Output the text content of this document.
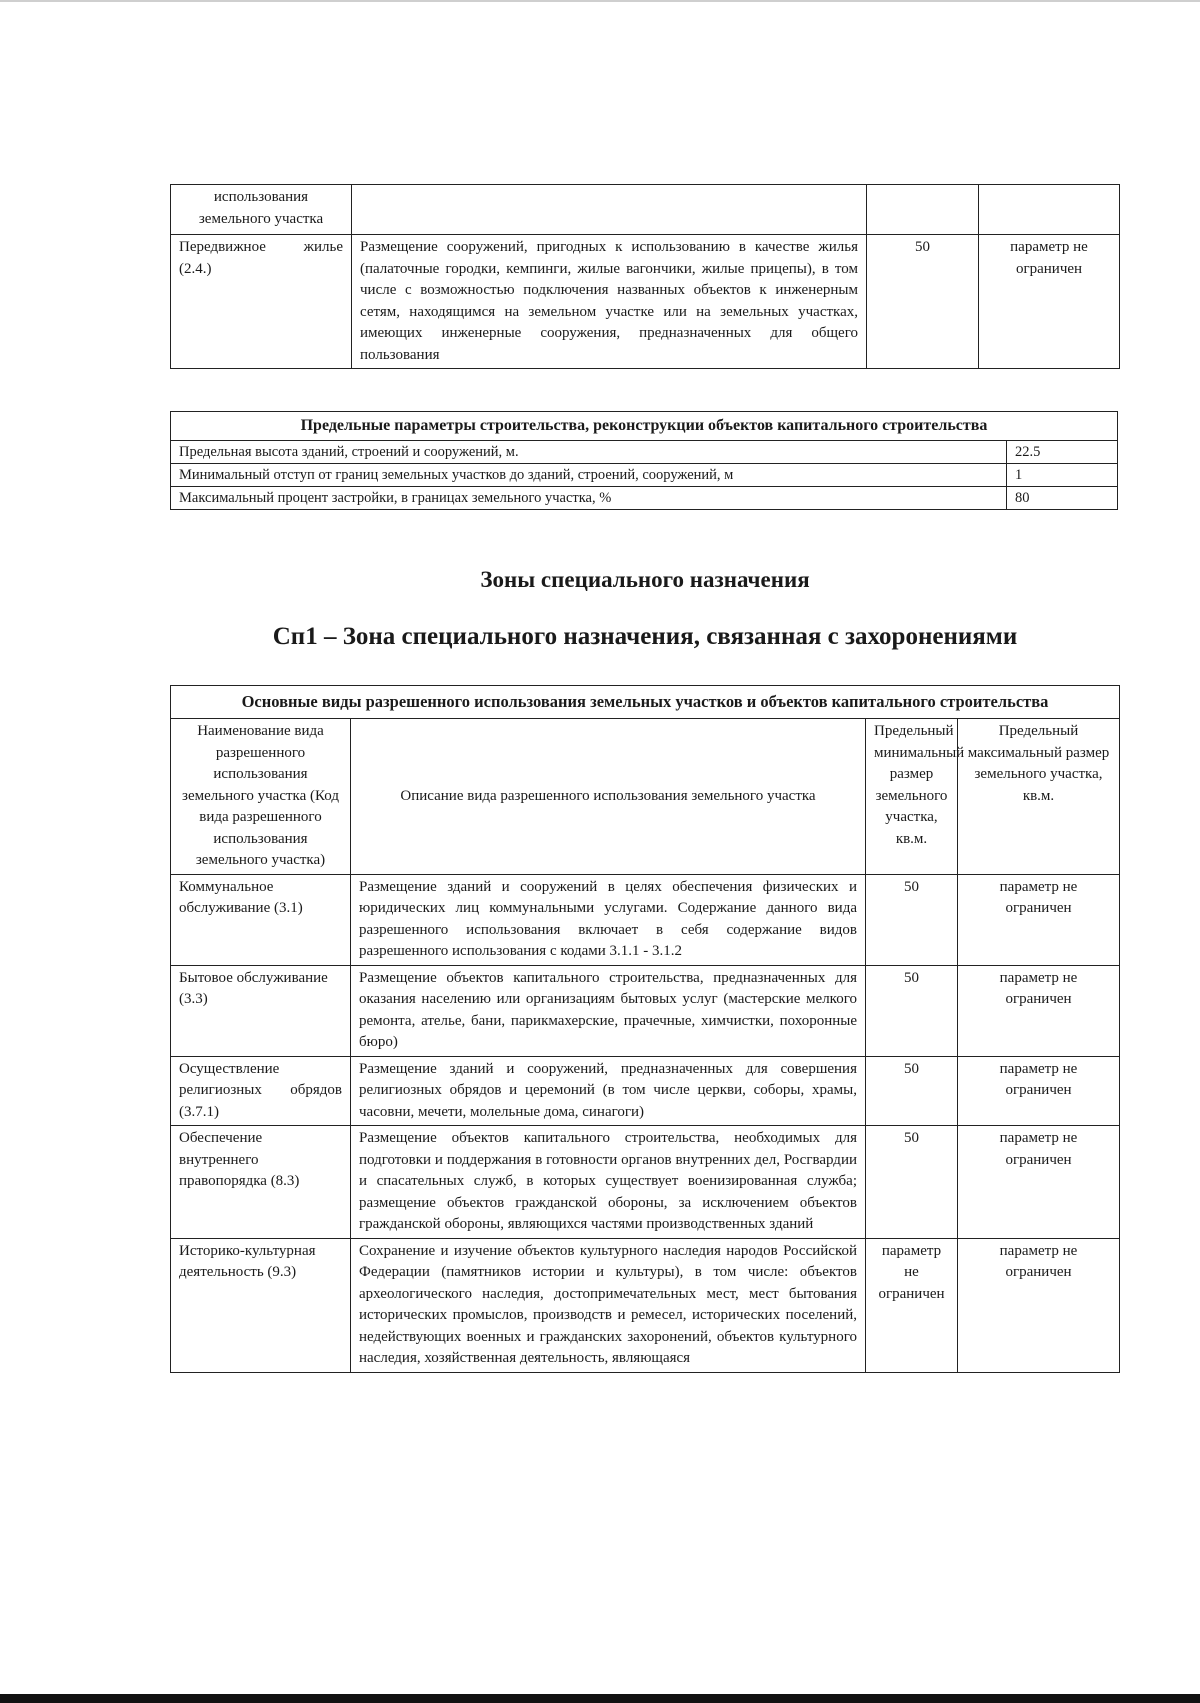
использования земельного участка			
Передвижное жилье (2.4.)	Размещение сооружений, пригодных к использованию в качестве жилья (палаточные городки, кемпинги, жилые вагончики, жилые прицепы), в том числе с возможностью подключения названных объектов к инженерным сетям, находящимся на земельном участке или на земельных участках, имеющих инженерные сооружения, предназначенных для общего пользования	50	параметр не ограничен
Предельные параметры строительства, реконструкции объектов капитального строительства	
Предельная высота зданий, строений и сооружений, м.	22.5
Минимальный отступ от границ земельных участков до зданий, строений, сооружений, м	1
Максимальный процент застройки, в границах земельного участка, %	80
Зоны специального назначения
Сп1 – Зона специального назначения, связанная с захоронениями
Основные виды разрешенного использования земельных участков и объектов капитального строительства			
Наименование вида разрешенного использования земельного участка (Код вида разрешенного использования земельного участка)	Описание вида разрешенного использования земельного участка	Предельный минимальный размер земельного участка, кв.м.	Предельный максимальный размер земельного участка, кв.м.
Коммунальное обслуживание (3.1)	Размещение зданий и сооружений в целях обеспечения физических и юридических лиц коммунальными услугами. Содержание данного вида разрешенного использования включает в себя содержание видов разрешенного использования с кодами 3.1.1 - 3.1.2	50	параметр не ограничен
Бытовое обслуживание (3.3)	Размещение объектов капитального строительства, предназначенных для оказания населению или организациям бытовых услуг (мастерские мелкого ремонта, ателье, бани, парикмахерские, прачечные, химчистки, похоронные бюро)	50	параметр не ограничен
Осуществление религиозных обрядов (3.7.1)	Размещение зданий и сооружений, предназначенных для совершения религиозных обрядов и церемоний (в том числе церкви, соборы, храмы, часовни, мечети, молельные дома, синагоги)	50	параметр не ограничен
Обеспечение внутреннего правопорядка (8.3)	Размещение объектов капитального строительства, необходимых для подготовки и поддержания в готовности органов внутренних дел, Росгвардии и спасательных служб, в которых существует военизированная служба; размещение объектов гражданской обороны, за исключением объектов гражданской обороны, являющихся частями производственных зданий	50	параметр не ограничен
Историко-культурная деятельность (9.3)	Сохранение и изучение объектов культурного наследия народов Российской Федерации (памятников истории и культуры), в том числе: объектов археологического наследия, достопримечательных мест, мест бытования исторических промыслов, производств и ремесел, исторических поселений, недействующих военных и гражданских захоронений, объектов культурного наследия, хозяйственная деятельность, являющаяся	параметр не ограничен	параметр не ограничен
